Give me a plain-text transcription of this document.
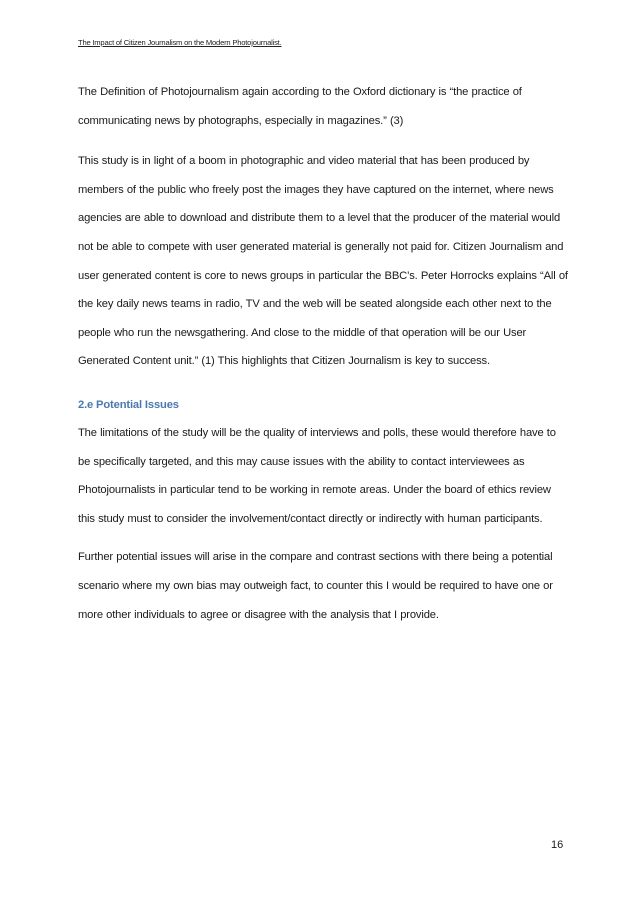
The Impact of Citizen Journalism on the Modern Photojournalist.

The Definition of Photojournalism again according to the Oxford dictionary is “the practice of communicating news by photographs, especially in magazines.” (3)

This study is in light of a boom in photographic and video material that has been produced by members of the public who freely post the images they have captured on the internet, where news agencies are able to download and distribute them to a level that the producer of the material would not be able to compete with user generated material is generally not paid for. Citizen Journalism and user generated content is core to news groups in particular the BBC’s. Peter Horrocks explains “All of the key daily news teams in radio, TV and the web will be seated alongside each other next to the people who run the newsgathering. And close to the middle of that operation will be our User Generated Content unit.” (1) This highlights that Citizen Journalism is key to success.

2.e Potential Issues

The limitations of the study will be the quality of interviews and polls, these would therefore have to be specifically targeted, and this may cause issues with the ability to contact interviewees as Photojournalists in particular tend to be working in remote areas. Under the board of ethics review this study must to consider the involvement/contact directly or indirectly with human participants.

Further potential issues will arise in the compare and contrast sections with there being a potential scenario where my own bias may outweigh fact, to counter this I would be required to have one or more other individuals to agree or disagree with the analysis that I provide.

16
